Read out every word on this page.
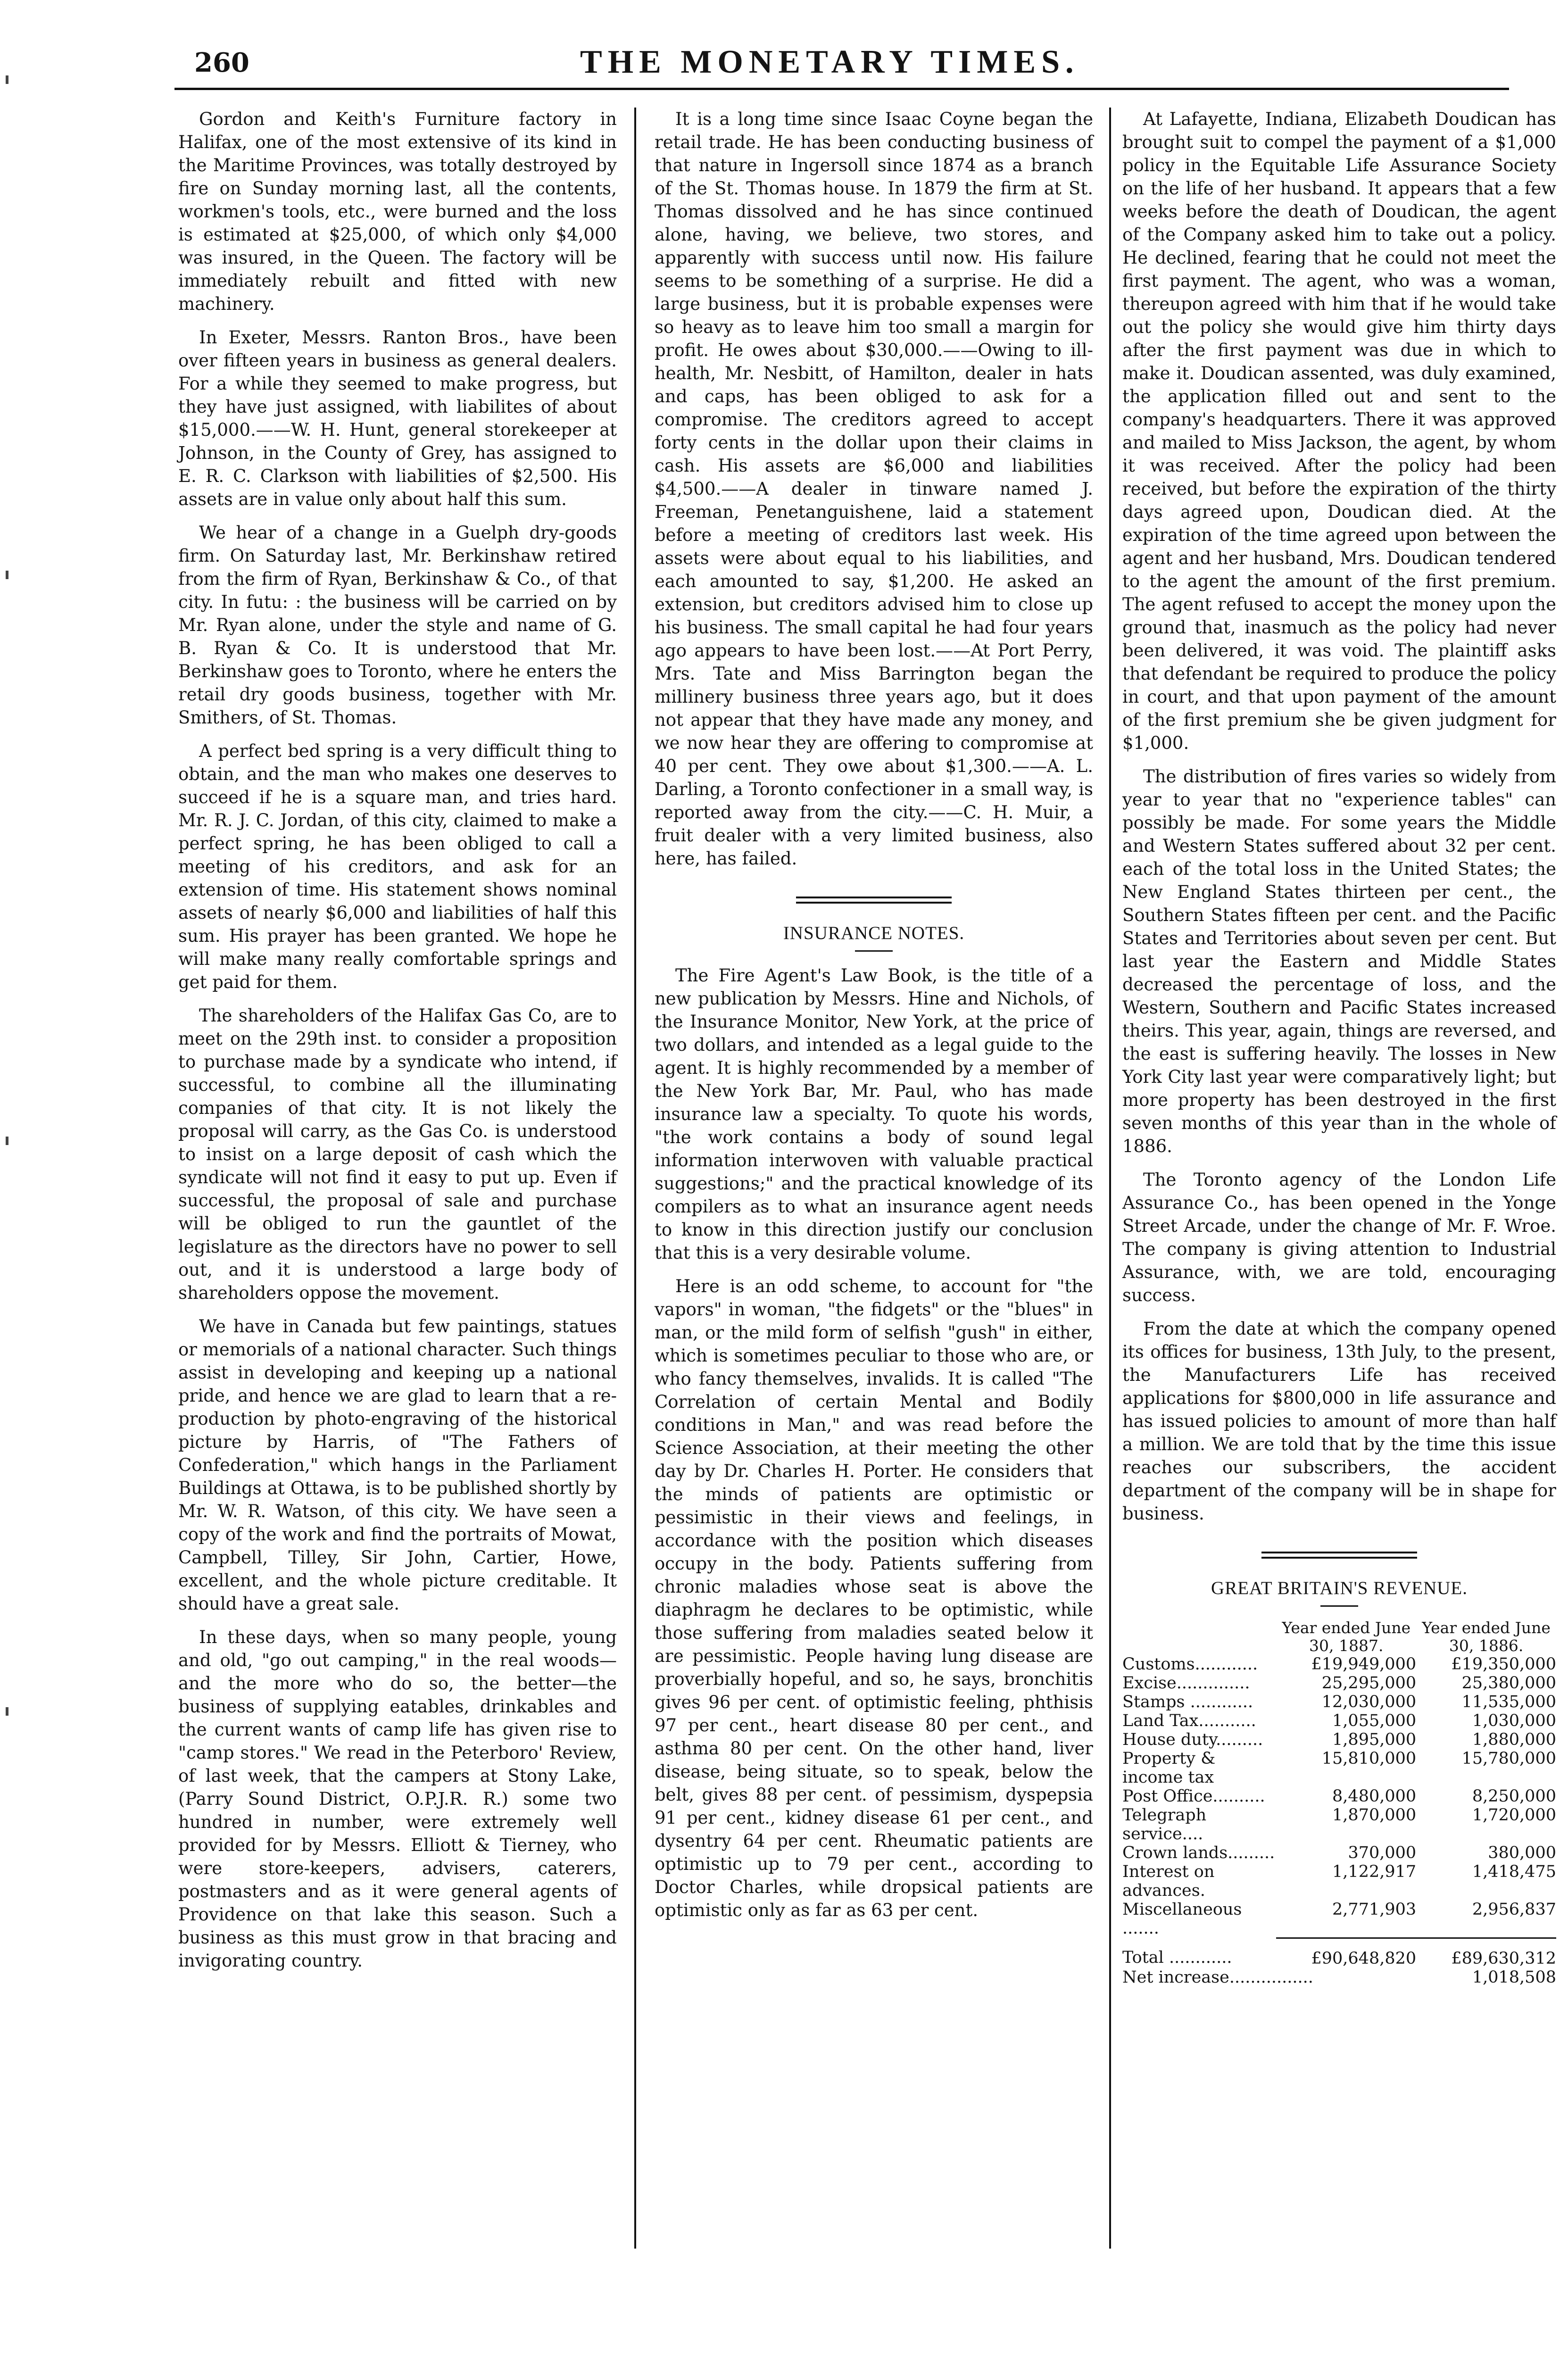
260	THE MONETARY TIMES.
Gordon and Keith's Furniture factory in Halifax, one of the most extensive of its kind in the Maritime Provinces, was totally destroyed by fire on Sunday morning last, all the contents, workmen's tools, etc., were burned and the loss is estimated at $25,000, of which only $4,000 was insured, in the Queen. The factory will be immediately rebuilt and fitted with new machinery.
In Exeter, Messrs. Ranton Bros., have been over fifteen years in business as general dealers. For a while they seemed to make progress, but they have just assigned, with liabilites of about $15,000.——W. H. Hunt, general storekeeper at Johnson, in the County of Grey, has assigned to E. R. C. Clarkson with liabilities of $2,500. His assets are in value only about half this sum.
We hear of a change in a Guelph dry-goods firm. On Saturday last, Mr. Berkinshaw retired from the firm of Ryan, Berkinshaw & Co., of that city. In futu: : the business will be carried on by Mr. Ryan alone, under the style and name of G. B. Ryan & Co. It is understood that Mr. Berkinshaw goes to Toronto, where he enters the retail dry goods business, together with Mr. Smithers, of St. Thomas.
A perfect bed spring is a very difficult thing to obtain, and the man who makes one deserves to succeed if he is a square man, and tries hard. Mr. R. J. C. Jordan, of this city, claimed to make a perfect spring, he has been obliged to call a meeting of his creditors, and ask for an extension of time. His statement shows nominal assets of nearly $6,000 and liabilities of half this sum. His prayer has been granted. We hope he will make many really comfortable springs and get paid for them.
The shareholders of the Halifax Gas Co, are to meet on the 29th inst. to consider a proposition to purchase made by a syndicate who intend, if successful, to combine all the illuminating companies of that city. It is not likely the proposal will carry, as the Gas Co. is understood to insist on a large deposit of cash which the syndicate will not find it easy to put up. Even if successful, the proposal of sale and purchase will be obliged to run the gauntlet of the legislature as the directors have no power to sell out, and it is understood a large body of shareholders oppose the movement.
We have in Canada but few paintings, statues or memorials of a national character. Such things assist in developing and keeping up a national pride, and hence we are glad to learn that a re-production by photo-engraving of the historical picture by Harris, of "The Fathers of Confederation," which hangs in the Parliament Buildings at Ottawa, is to be published shortly by Mr. W. R. Watson, of this city. We have seen a copy of the work and find the portraits of Mowat, Campbell, Tilley, Sir John, Cartier, Howe, excellent, and the whole picture creditable. It should have a great sale.
In these days, when so many people, young and old, "go out camping," in the real woods—and the more who do so, the better—the business of supplying eatables, drinkables and the current wants of camp life has given rise to "camp stores." We read in the Peterboro' Review, of last week, that the campers at Stony Lake, (Parry Sound District, O.P.J.R. R.) some two hundred in number, were extremely well provided for by Messrs. Elliott & Tierney, who were store-keepers, advisers, caterers, postmasters and as it were general agents of Providence on that lake this season. Such a business as this must grow in that bracing and invigorating country.
It is a long time since Isaac Coyne began the retail trade. He has been conducting business of that nature in Ingersoll since 1874 as a branch of the St. Thomas house. In 1879 the firm at St. Thomas dissolved and he has since continued alone, having, we believe, two stores, and apparently with success until now. His failure seems to be something of a surprise. He did a large business, but it is probable expenses were so heavy as to leave him too small a margin for profit. He owes about $30,000.——Owing to ill-health, Mr. Nesbitt, of Hamilton, dealer in hats and caps, has been obliged to ask for a compromise. The creditors agreed to accept forty cents in the dollar upon their claims in cash. His assets are $6,000 and liabilities $4,500.——A dealer in tinware named J. Freeman, Penetanguishene, laid a statement before a meeting of creditors last week. His assets were about equal to his liabilities, and each amounted to say, $1,200. He asked an extension, but creditors advised him to close up his business. The small capital he had four years ago appears to have been lost.——At Port Perry, Mrs. Tate and Miss Barrington began the millinery business three years ago, but it does not appear that they have made any money, and we now hear they are offering to compromise at 40 per cent. They owe about $1,300.——A. L. Darling, a Toronto confectioner in a small way, is reported away from the city.——C. H. Muir, a fruit dealer with a very limited business, also here, has failed.
INSURANCE NOTES.
The Fire Agent's Law Book, is the title of a new publication by Messrs. Hine and Nichols, of the Insurance Monitor, New York, at the price of two dollars, and intended as a legal guide to the agent. It is highly recommended by a member of the New York Bar, Mr. Paul, who has made insurance law a specialty. To quote his words, "the work contains a body of sound legal information interwoven with valuable practical suggestions;" and the practical knowledge of its compilers as to what an insurance agent needs to know in this direction justify our conclusion that this is a very desirable volume.
Here is an odd scheme, to account for "the vapors" in woman, "the fidgets" or the "blues" in man, or the mild form of selfish "gush" in either, which is sometimes peculiar to those who are, or who fancy themselves, invalids. It is called "The Correlation of certain Mental and Bodily conditions in Man," and was read before the Science Association, at their meeting the other day by Dr. Charles H. Porter. He considers that the minds of patients are optimistic or pessimistic in their views and feelings, in accordance with the position which diseases occupy in the body. Patients suffering from chronic maladies whose seat is above the diaphragm he declares to be optimistic, while those suffering from maladies seated below it are pessimistic. People having lung disease are proverbially hopeful, and so, he says, bronchitis gives 96 per cent. of optimistic feeling, phthisis 97 per cent., heart disease 80 per cent., and asthma 80 per cent. On the other hand, liver disease, being situate, so to speak, below the belt, gives 88 per cent. of pessimism, dyspepsia 91 per cent., kidney disease 61 per cent., and dysentry 64 per cent. Rheumatic patients are optimistic up to 79 per cent., according to Doctor Charles, while dropsical patients are optimistic only as far as 63 per cent.
At Lafayette, Indiana, Elizabeth Doudican has brought suit to compel the payment of a $1,000 policy in the Equitable Life Assurance Society on the life of her husband. It appears that a few weeks before the death of Doudican, the agent of the Company asked him to take out a policy. He declined, fearing that he could not meet the first payment. The agent, who was a woman, thereupon agreed with him that if he would take out the policy she would give him thirty days after the first payment was due in which to make it. Doudican assented, was duly examined, the application filled out and sent to the company's headquarters. There it was approved and mailed to Miss Jackson, the agent, by whom it was received. After the policy had been received, but before the expiration of the thirty days agreed upon, Doudican died. At the expiration of the time agreed upon between the agent and her husband, Mrs. Doudican tendered to the agent the amount of the first premium. The agent refused to accept the money upon the ground that, inasmuch as the policy had never been delivered, it was void. The plaintiff asks that defendant be required to produce the policy in court, and that upon payment of the amount of the first premium she be given judgment for $1,000.
The distribution of fires varies so widely from year to year that no "experience tables" can possibly be made. For some years the Middle and Western States suffered about 32 per cent. each of the total loss in the United States; the New England States thirteen per cent., the Southern States fifteen per cent. and the Pacific States and Territories about seven per cent. But last year the Eastern and Middle States decreased the percentage of loss, and the Western, Southern and Pacific States increased theirs. This year, again, things are reversed, and the east is suffering heavily. The losses in New York City last year were comparatively light; but more property has been destroyed in the first seven months of this year than in the whole of 1886.
The Toronto agency of the London Life Assurance Co., has been opened in the Yonge Street Arcade, under the change of Mr. F. Wroe. The company is giving attention to Industrial Assurance, with, we are told, encouraging success.
From the date at which the company opened its offices for business, 13th July, to the present, the Manufacturers Life has received applications for $800,000 in life assurance and has issued policies to amount of more than half a million. We are told that by the time this issue reaches our subscribers, the accident department of the company will be in shape for business.
GREAT BRITAIN'S REVENUE.
	Year ended June 30, 1887.	Year ended June 30, 1886.
Customs............	£19,949,000	£19,350,000
Excise..............	25,295,000	25,380,000
Stamps ............	12,030,000	11,535,000
Land Tax...........	1,055,000	1,030,000
House duty.........	1,895,000	1,880,000
Property & income tax	15,810,000	15,780,000
Post Office..........	8,480,000	8,250,000
Telegraph service....	1,870,000	1,720,000
Crown lands.........	370,000	380,000
Interest on advances.	1,122,917	1,418,475
Miscellaneous .......	2,771,903	2,956,837
Total ............	£90,648,820	£89,630,312
Net increase................		1,018,508
